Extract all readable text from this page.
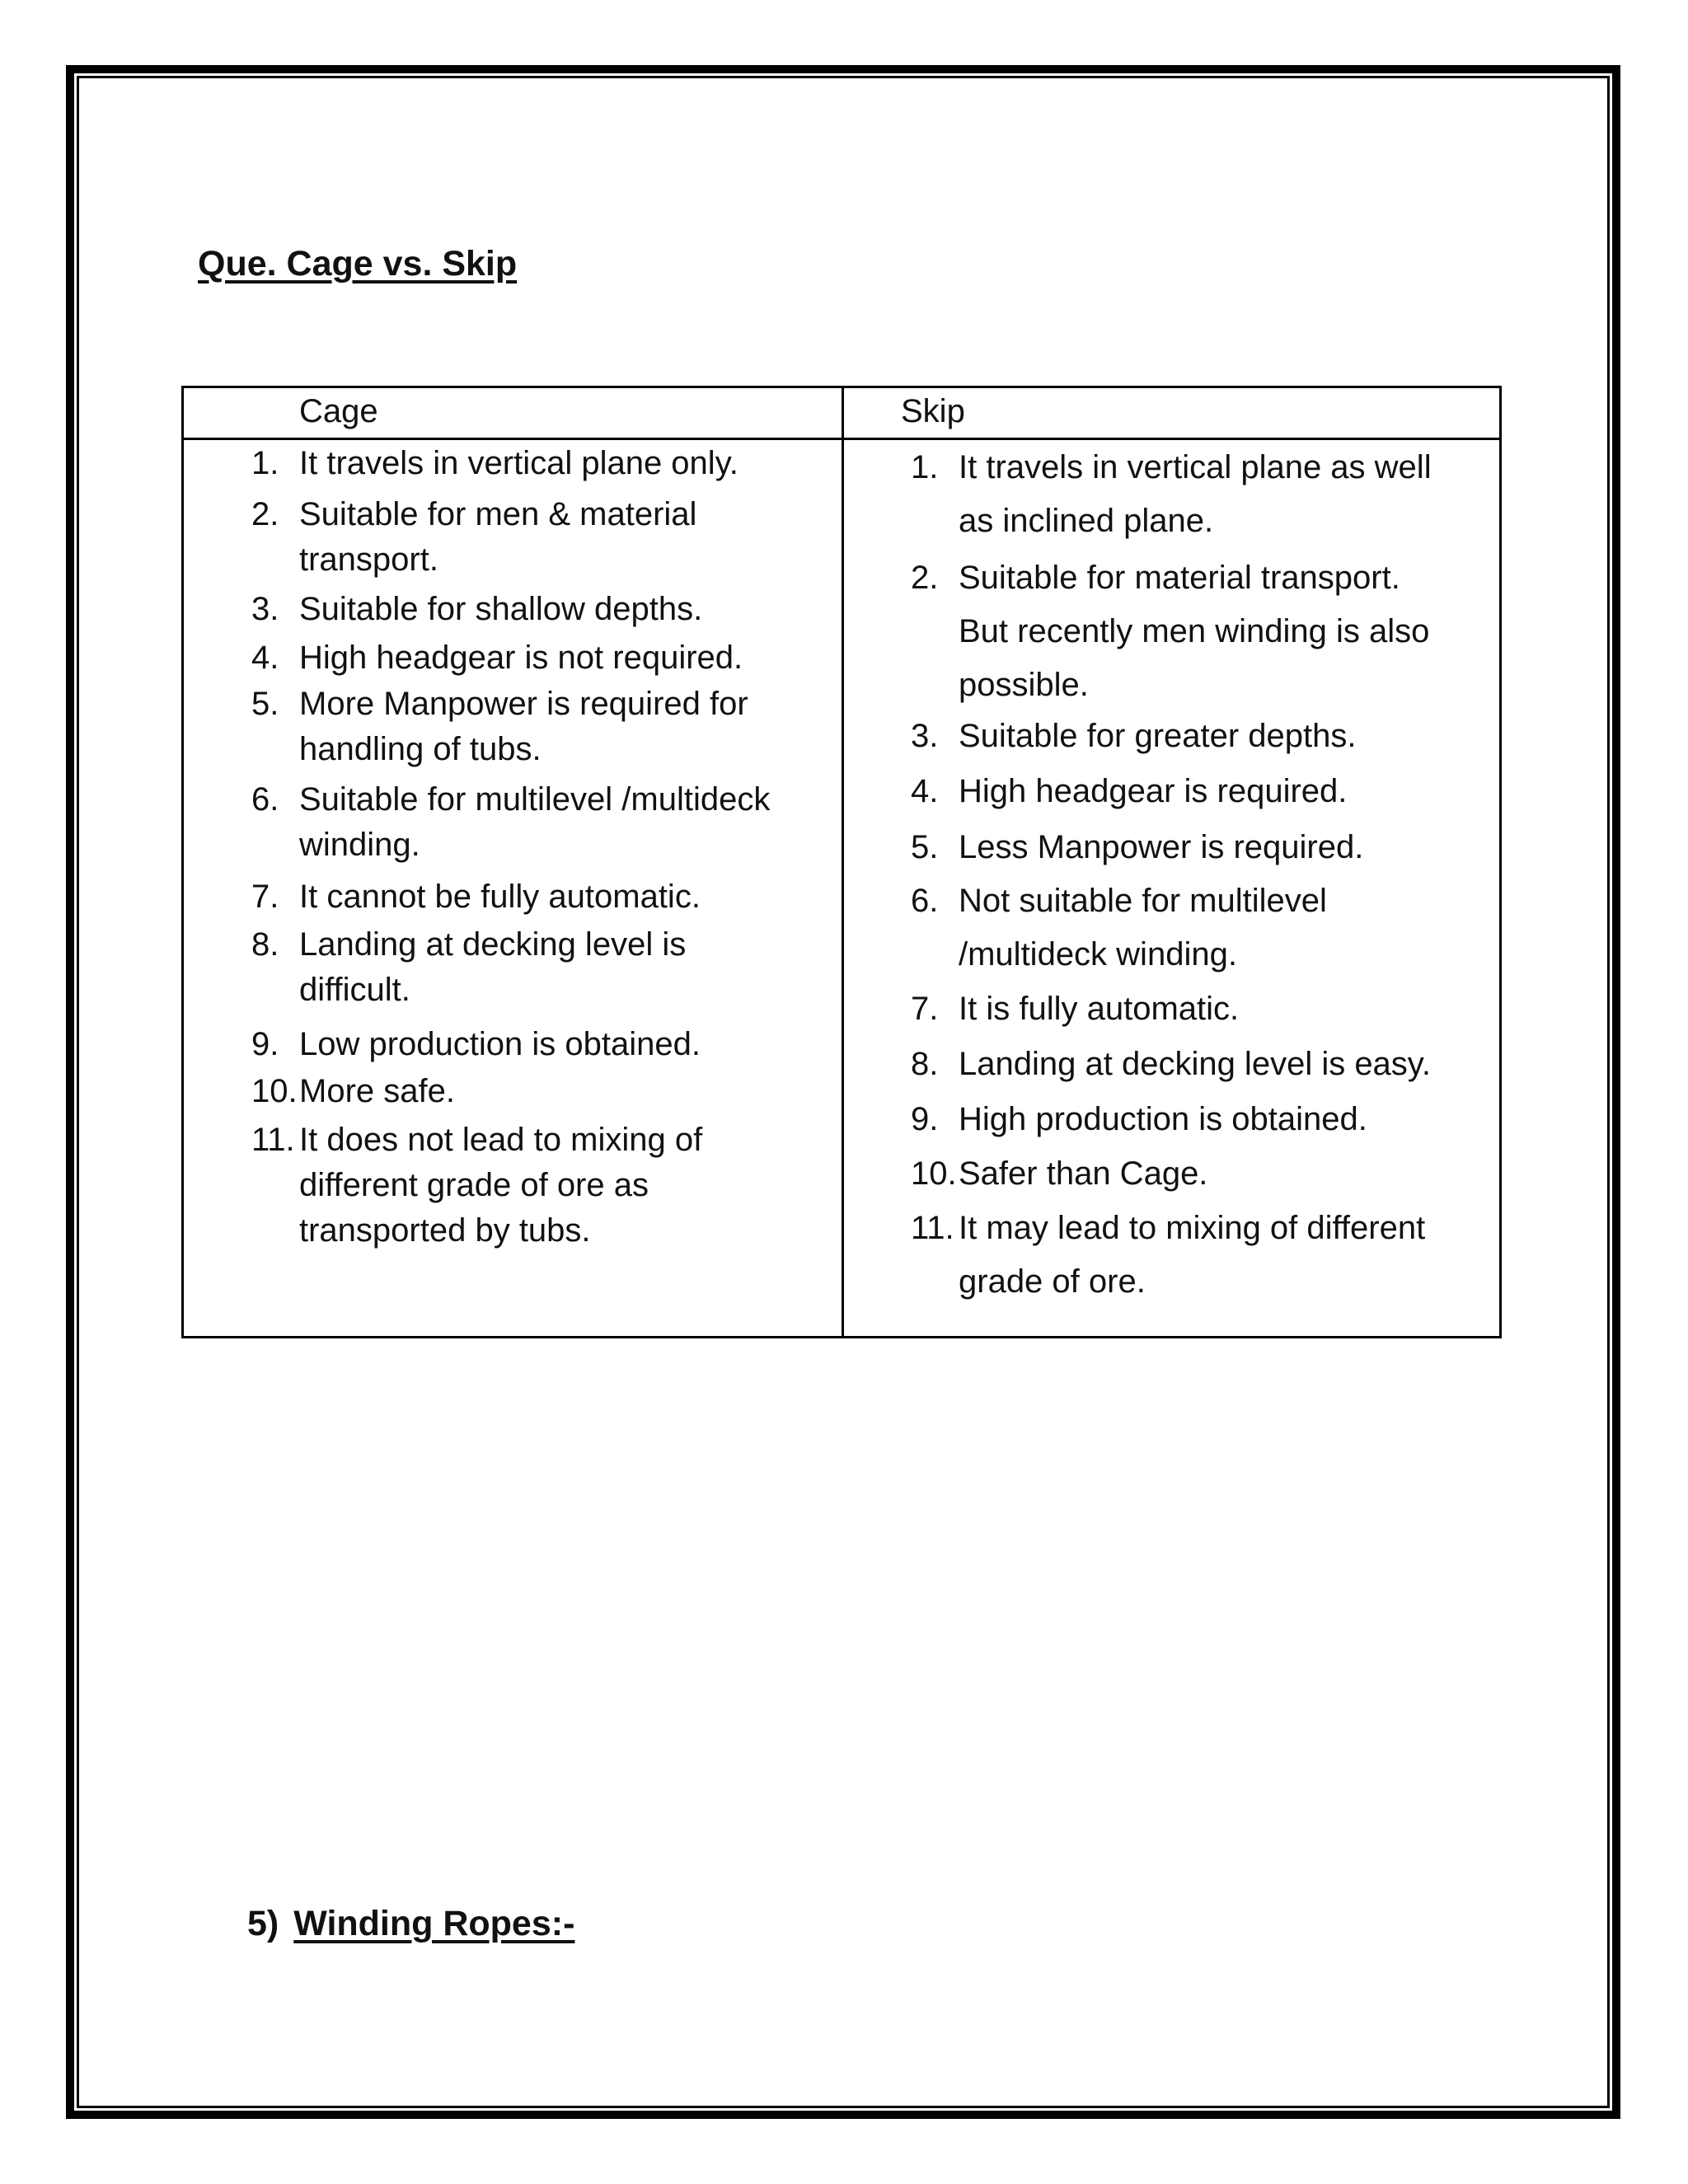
Que. Cage vs. Skip
Cage	Skip
1. It travels in vertical plane only.
2. Suitable for men & material
transport.
3. Suitable for shallow depths.
4. High headgear is not required.
5. More Manpower is required for
handling of tubs.
6. Suitable for multilevel /multideck
winding.
7. It cannot be fully automatic.
8. Landing at decking level is
difficult.
9. Low production is obtained.
10. More safe.
11. It does not lead to mixing of
different grade of ore as
transported by tubs.
1. It travels in vertical plane as well
as inclined plane.
2. Suitable for material transport.
But recently men winding is also
possible.
3. Suitable for greater depths.
4. High headgear is required.
5. Less Manpower is required.
6. Not suitable for multilevel
/multideck winding.
7. It is fully automatic.
8. Landing at decking level is easy.
9. High production is obtained.
10. Safer than Cage.
11. It may lead to mixing of different
grade of ore.
5) Winding Ropes:-
